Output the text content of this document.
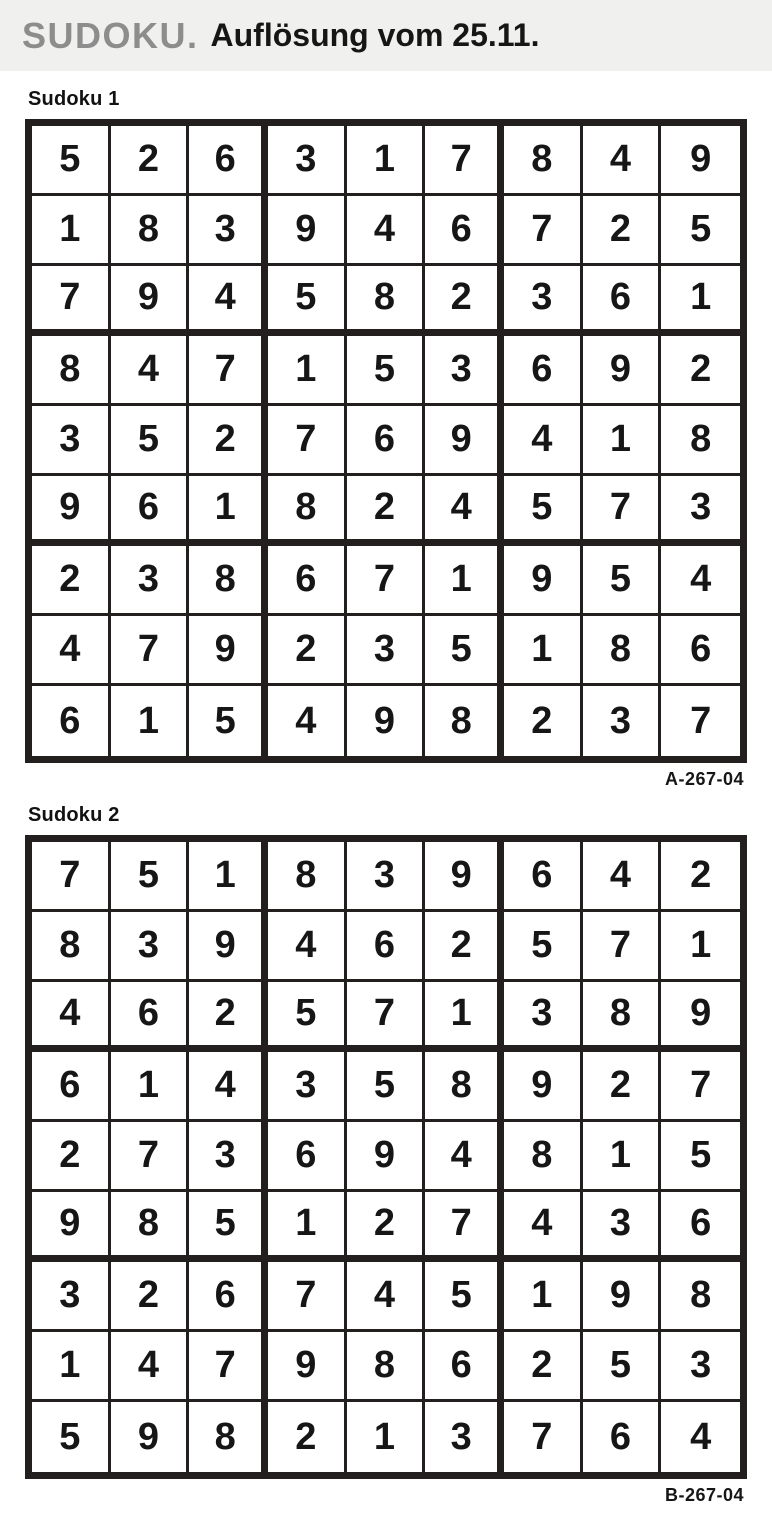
SUDOKU. Auflösung vom 25.11.
Sudoku 1
5	2	6	3	1	7	8	4	9
1	8	3	9	4	6	7	2	5
7	9	4	5	8	2	3	6	1
8	4	7	1	5	3	6	9	2
3	5	2	7	6	9	4	1	8
9	6	1	8	2	4	5	7	3
2	3	8	6	7	1	9	5	4
4	7	9	2	3	5	1	8	6
6	1	5	4	9	8	2	3	7
A-267-04
Sudoku 2
7	5	1	8	3	9	6	4	2
8	3	9	4	6	2	5	7	1
4	6	2	5	7	1	3	8	9
6	1	4	3	5	8	9	2	7
2	7	3	6	9	4	8	1	5
9	8	5	1	2	7	4	3	6
3	2	6	7	4	5	1	9	8
1	4	7	9	8	6	2	5	3
5	9	8	2	1	3	7	6	4
B-267-04
